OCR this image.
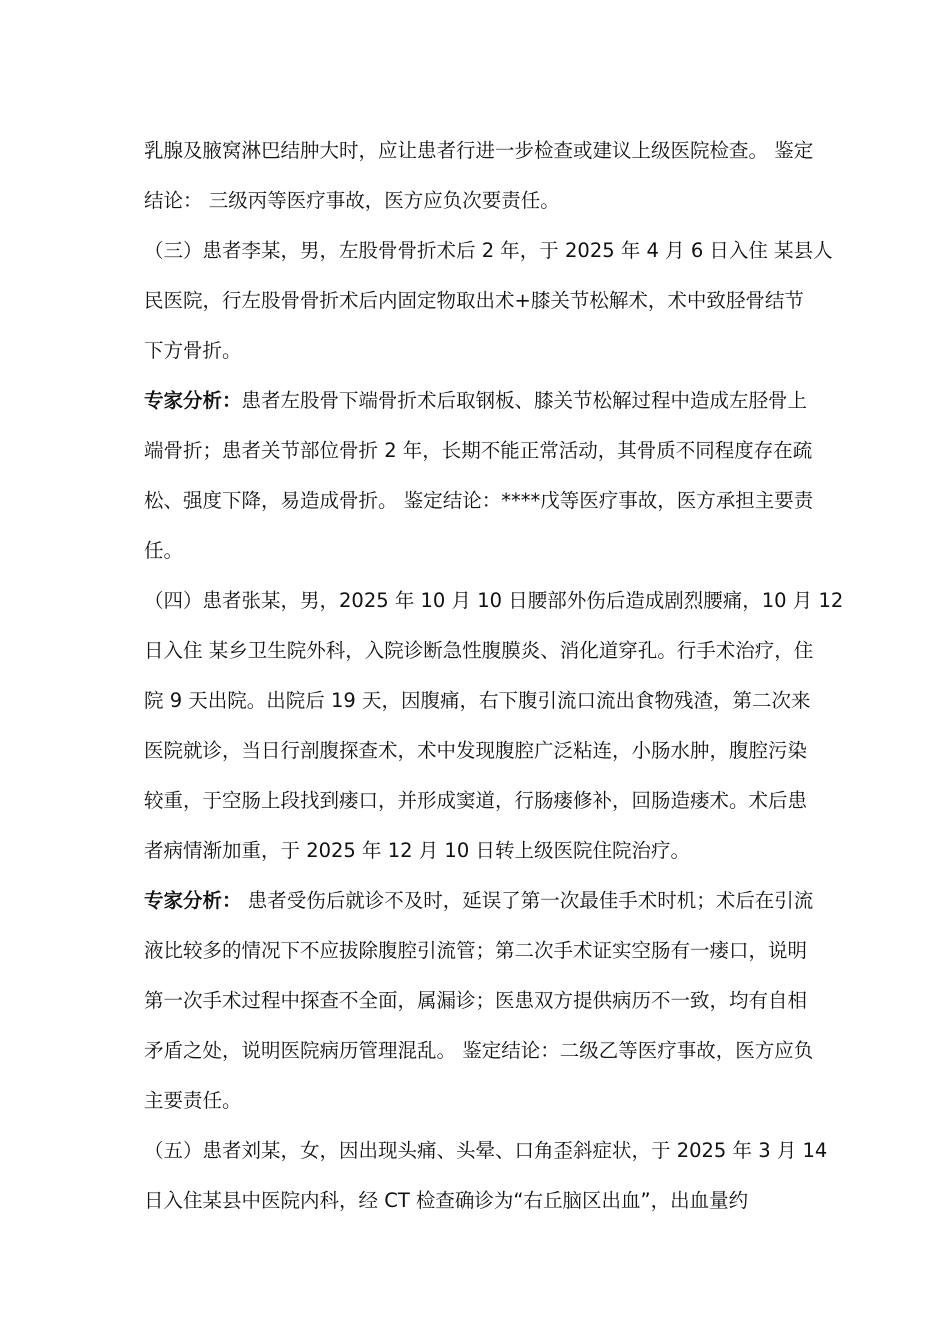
乳腺及腋窝淋巴结肿大时，应让患者行进一步检查或建议上级医院检查。 鉴定
结论： 三级丙等医疗事故，医方应负次要责任。
（三）患者李某，男，左股骨骨折术后 2 年，于 2025 年 4 月 6 日入住 某县人
民医院，行左股骨骨折术后内固定物取出术+膝关节松解术，术中致胫骨结节
下方骨折。
专家分析：患者左股骨下端骨折术后取钢板、膝关节松解过程中造成左胫骨上
端骨折；患者关节部位骨折 2 年，长期不能正常活动，其骨质不同程度存在疏
松、强度下降，易造成骨折。 鉴定结论：****戊等医疗事故，医方承担主要责
任。
（四）患者张某，男，2025 年 10 月 10 日腰部外伤后造成剧烈腰痛，10 月 12
日入住 某乡卫生院外科，入院诊断急性腹膜炎、消化道穿孔。行手术治疗，住
院 9 天出院。出院后 19 天，因腹痛，右下腹引流口流出食物残渣，第二次来
医院就诊，当日行剖腹探查术，术中发现腹腔广泛粘连，小肠水肿，腹腔污染
较重，于空肠上段找到瘘口，并形成窦道，行肠瘘修补，回肠造瘘术。术后患
者病情渐加重，于 2025 年 12 月 10 日转上级医院住院治疗。
专家分析： 患者受伤后就诊不及时，延误了第一次最佳手术时机；术后在引流
液比较多的情况下不应拔除腹腔引流管；第二次手术证实空肠有一瘘口，说明
第一次手术过程中探查不全面，属漏诊；医患双方提供病历不一致，均有自相
矛盾之处，说明医院病历管理混乱。 鉴定结论：二级乙等医疗事故，医方应负
主要责任。
（五）患者刘某，女，因出现头痛、头晕、口角歪斜症状，于 2025 年 3 月 14
日入住某县中医院内科，经 CT 检查确诊为“右丘脑区出血”，出血量约
